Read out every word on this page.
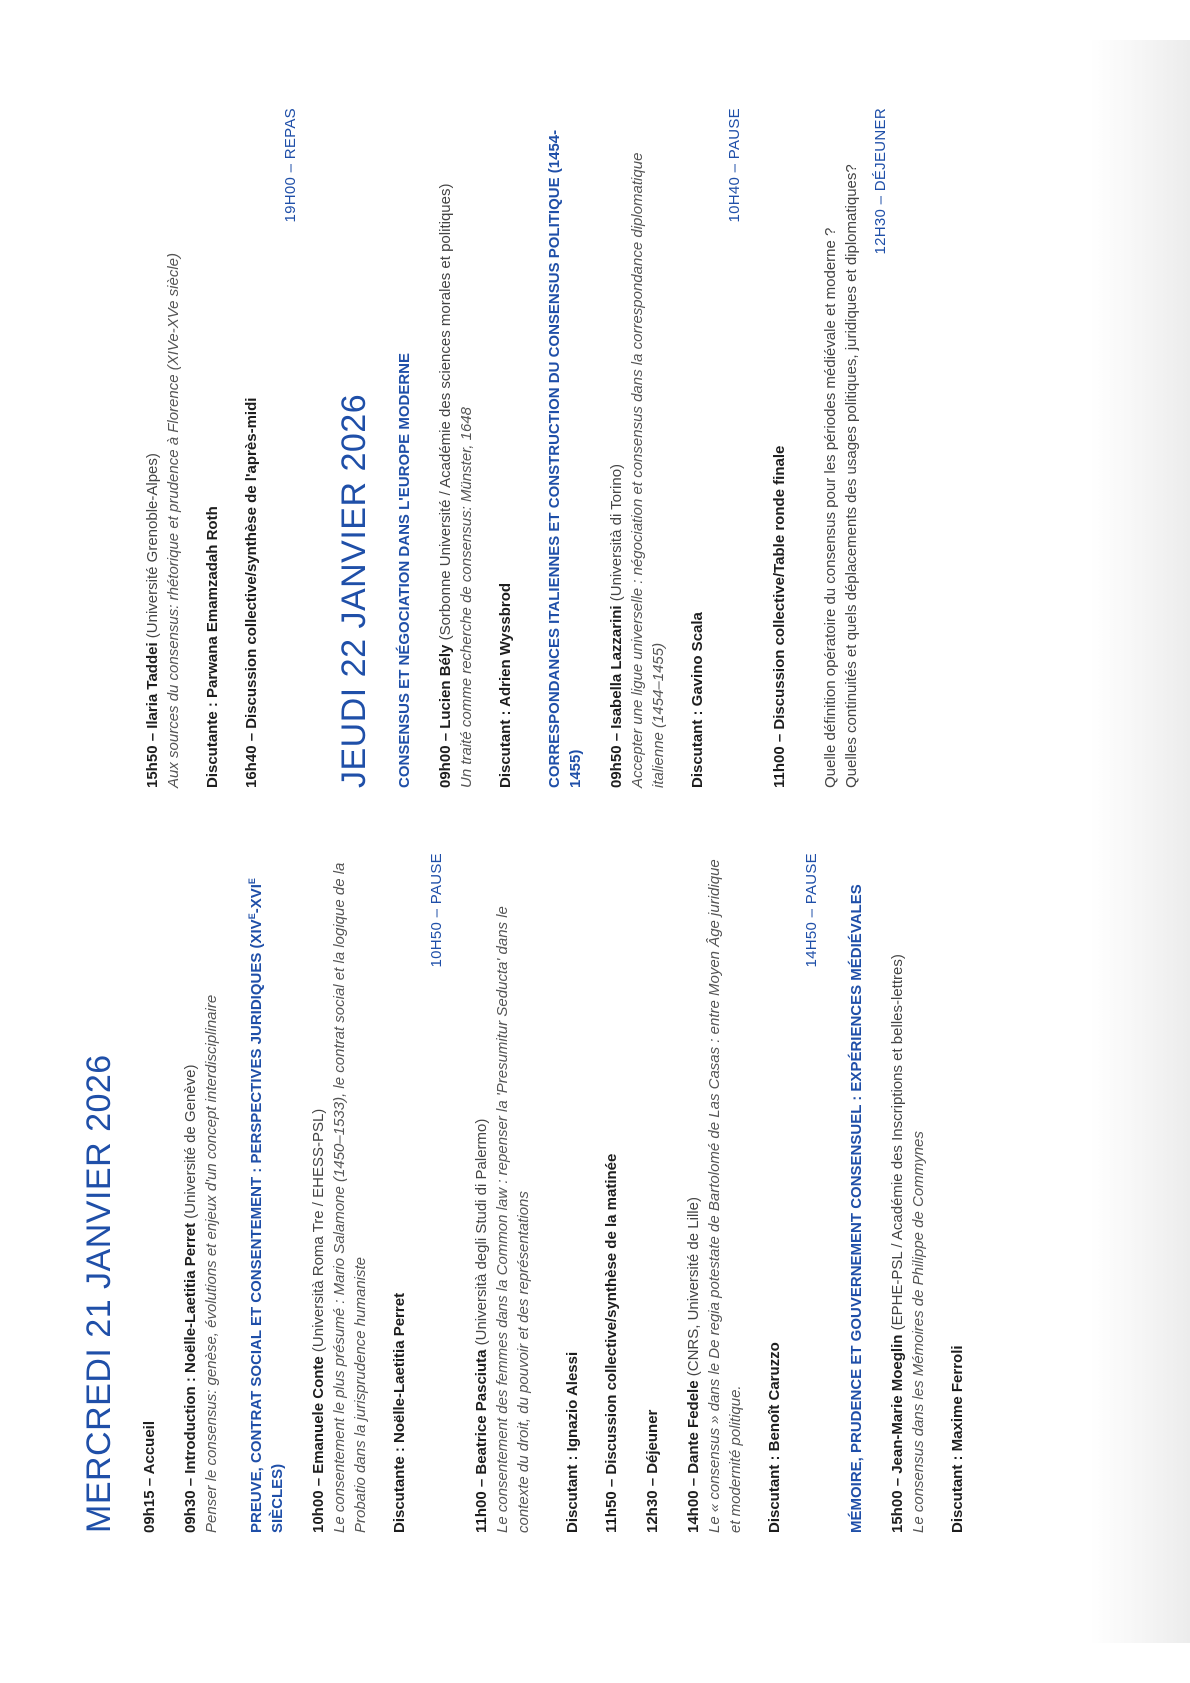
MERCREDI 21 JANVIER 2026 09h15 – Accueil 09h30 – Introduction : Noëlle-Laetitia Perret (Université de Genève) Penser le consensus: genèse, évolutions et enjeux d'un concept interdisciplinaire	PREUVE, CONTRAT SOCIAL ET CONSENTEMENT : PERSPECTIVES JURIDIQUES ($XIV^E-XVI^E$ SIÈCLES) 10h00 – Emanuele Conte (Università Roma Tre / EHESS-PSL) Le consentement le plus présumé : Mario Salamone (1450–1533), le contrat social et la logique de la Probatio dans la jurisprudence humaniste Discutante : Noëlle-Laetitia Perret
10H50 – PAUSE
11h00 – Beatrice Pasciuta (Università degli Studi di Palermo) Le consentement des femmes dans la Common law : repenser la 'Presumitur Seducta' dans le contexte du droit, du pouvoir et des représentations Discutant : Ignazio Alessi 11h50 – Discussion collective/synthèse de la matinée 12h30 – Déjeuner 14h00 – Dante Fedele (CNRS, Université de Lille) Le « consensus » dans le De regia potestate de Bartolomé de Las Casas : entre Moyen Âge juridique et modernité politique. Discutant : Benoît Caruzzo
14H50 – PAUSE MÉMOIRE, PRUDENCE ET GOUVERNEMENT CONSENSUEL : EXPÉRIENCES MÉDIÉVALES 15h00 – Jean-Marie Moeglin (EPHE-PSL / Académie des Inscriptions et belles-lettres) Le consensus dans les Mémoires de Philippe de Commynes Discutant : Maxime Ferroli
15h50 – Ilaria Taddei (Université Grenoble-Alpes) Aux sources du consensus: rhétorique et prudence à Florence (XIVe-XVe siècle) Discutante : Parwana Emamzadah Roth 16h40 – Discussion collective/synthèse de l'après-midi
19H00 – REPAS
JEUDI 22 JANVIER 2026 CONSENSUS ET NÉGOCIATION DANS L'EUROPE MODERNE 09h00 – Lucien Bély (Sorbonne Université / Académie des sciences morales et politiques) Un traité comme recherche de consensus: Münster, 1648 Discutant : Adrien Wyssbrod CORRESPONDANCES ITALIENNES ET CONSTRUCTION DU CONSENSUS POLITIQUE (1454-1455) 09h50 – Isabella Lazzarini (Università di Torino) Accepter une ligue universelle : négociation et consensus dans la correspondance diplomatique italienne (1454–1455) Discutant : Gavino Scala
10H40 – PAUSE
11h00 – Discussion collective/Table ronde finale Quelle définition opératoire du consensus pour les périodes médiévale et moderne ? Quelles continuités et quels déplacements des usages politiques, juridiques et diplomatiques? 12H30 – DÉJEUNER
